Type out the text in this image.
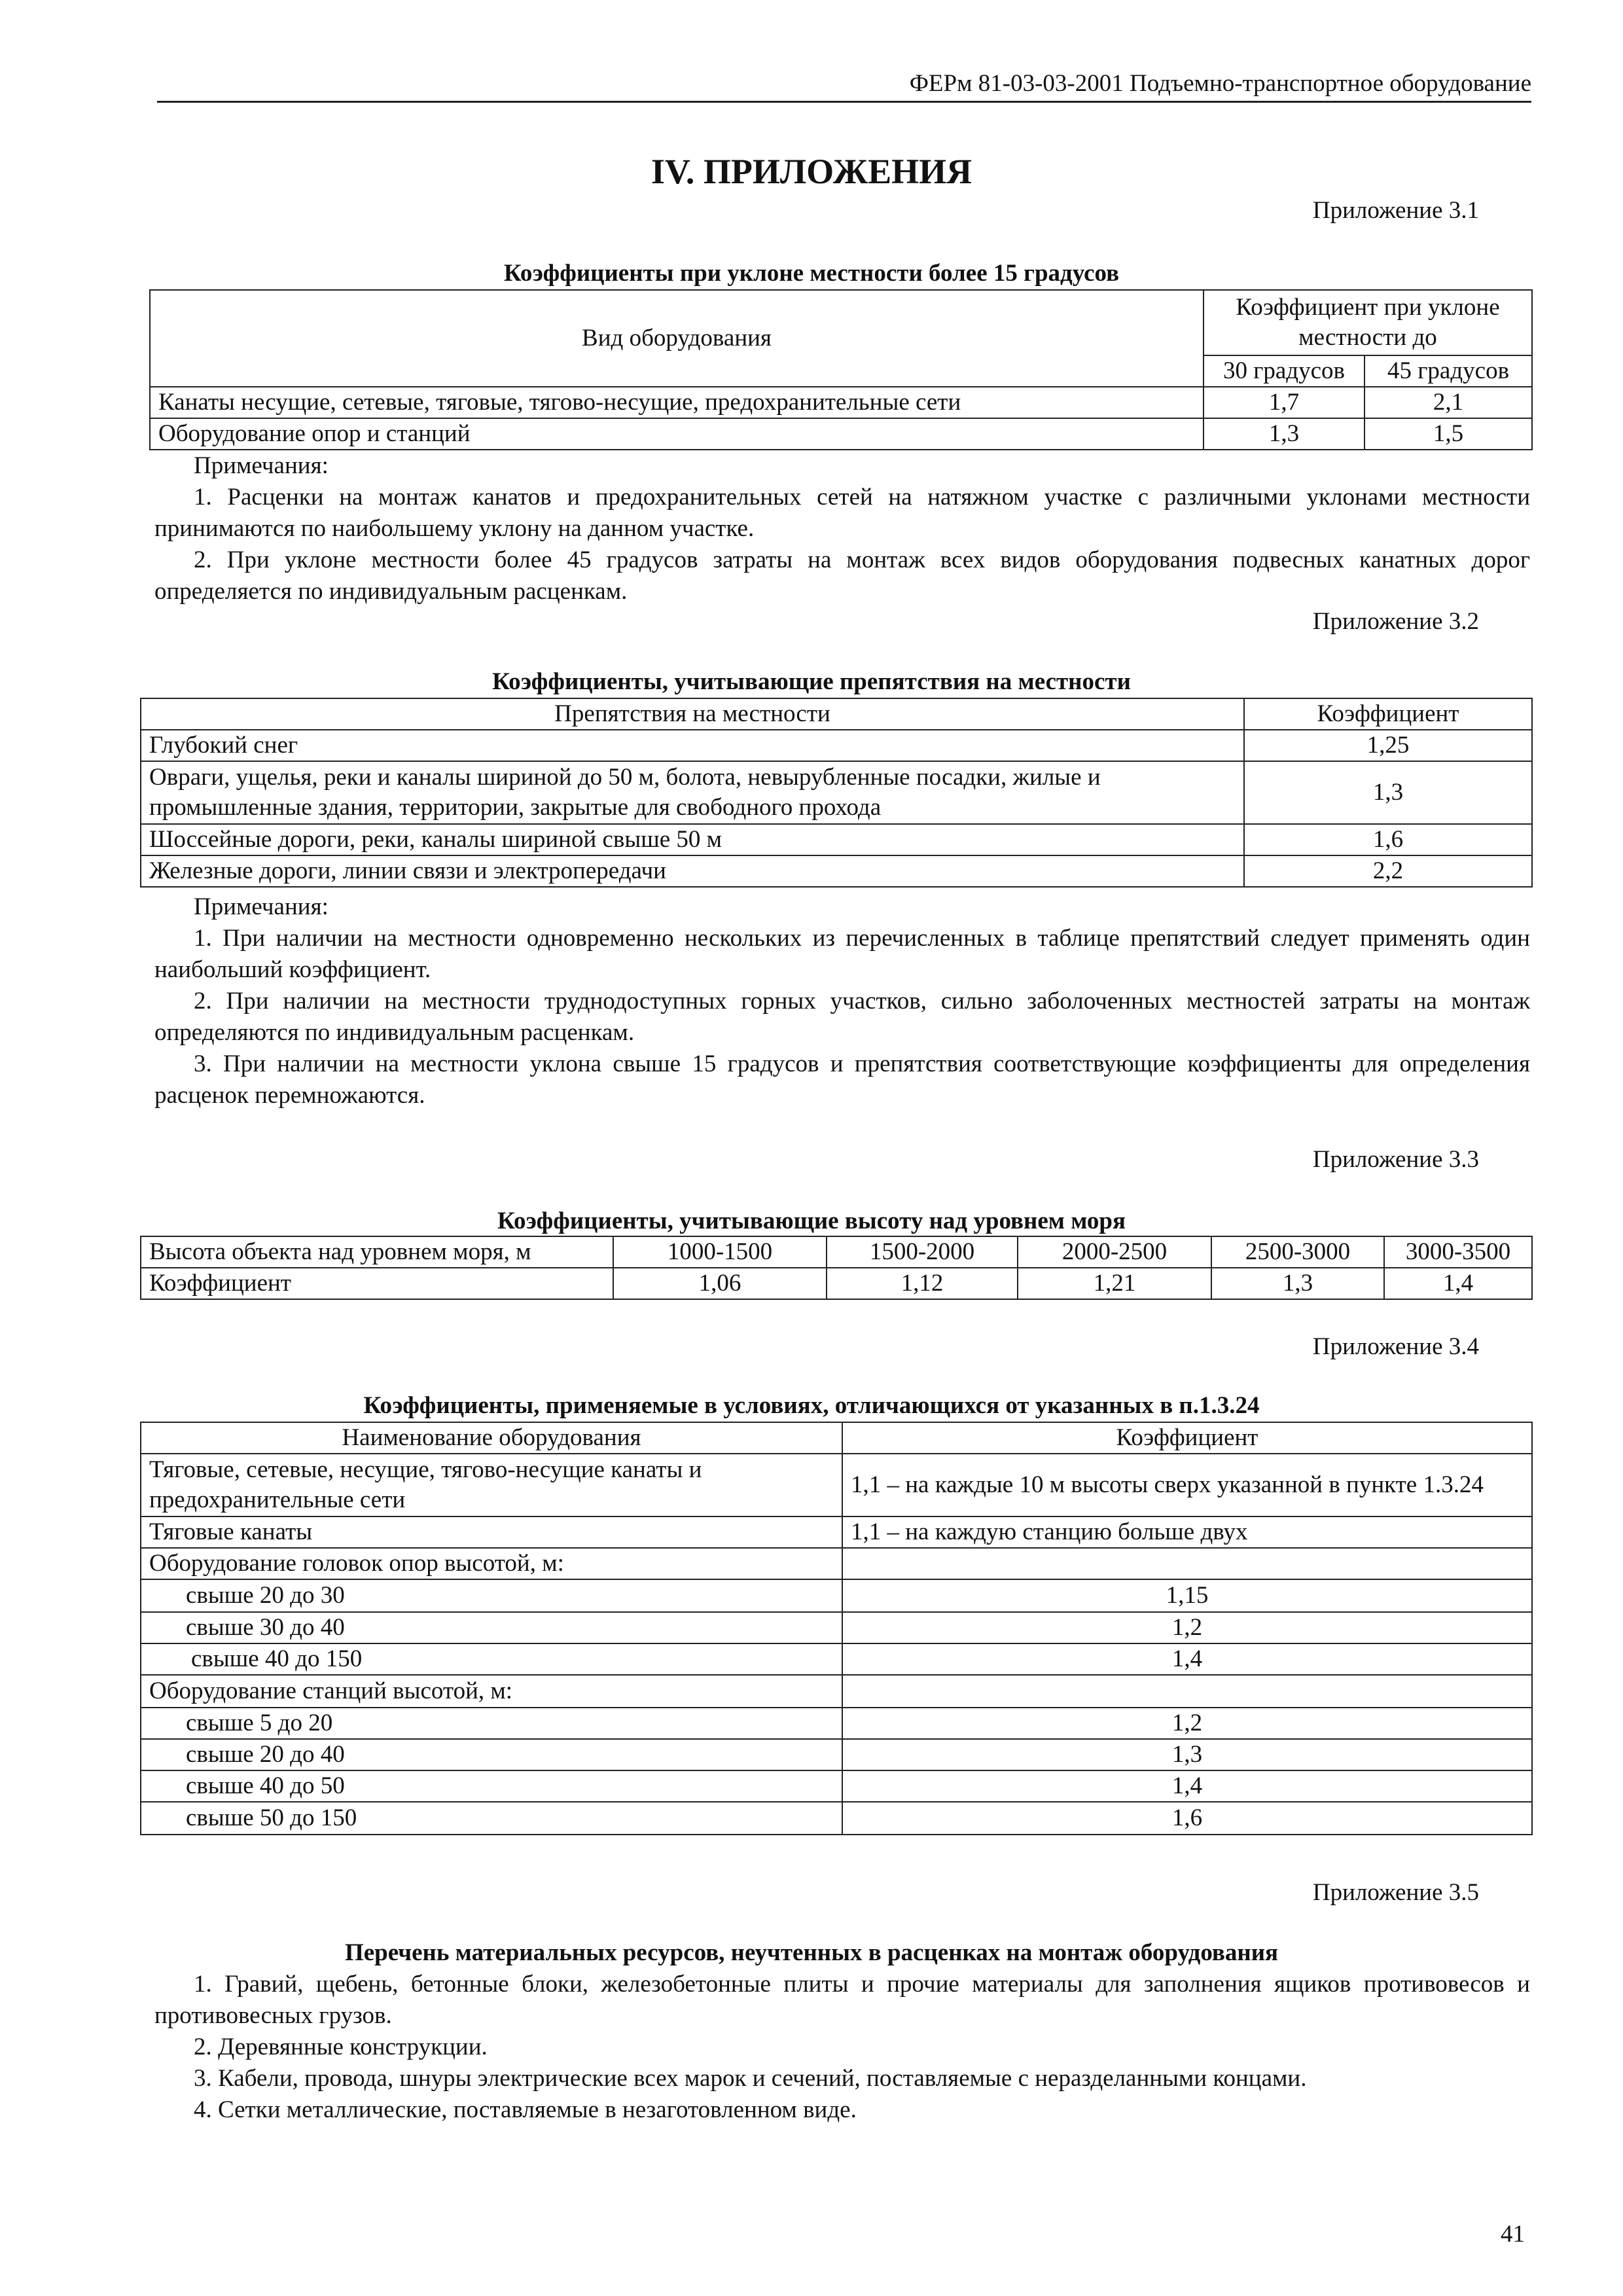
ФЕРм 81-03-03-2001 Подъемно-транспортное оборудование
IV. ПРИЛОЖЕНИЯ
Приложение 3.1
Коэффициенты при уклоне местности более 15 градусов
Вид оборудования	Коэффициент при уклоне местности до	
	30 градусов	45 градусов
Канаты несущие, сетевые, тяговые, тягово-несущие, предохранительные сети	1,7	2,1
Оборудование опор и станций	1,3	1,5
Примечания:
1. Расценки на монтаж канатов и предохранительных сетей на натяжном участке с различными уклонами местности принимаются по наибольшему уклону на данном участке.
2. При уклоне местности более 45 градусов затраты на монтаж всех видов оборудования подвесных канатных дорог определяется по индивидуальным расценкам.
Приложение 3.2
Коэффициенты, учитывающие препятствия на местности
Препятствия на местности	Коэффициент
Глубокий снег	1,25
Овраги, ущелья, реки и каналы шириной до 50 м, болота, невырубленные посадки, жилые и промышленные здания, территории, закрытые для свободного прохода	1,3
Шоссейные дороги, реки, каналы шириной свыше 50 м	1,6
Железные дороги, линии связи и электропередачи	2,2
Примечания:
1. При наличии на местности одновременно нескольких из перечисленных в таблице препятствий следует применять один наибольший коэффициент.
2. При наличии на местности труднодоступных горных участков, сильно заболоченных местностей затраты на монтаж определяются по индивидуальным расценкам.
3. При наличии на местности уклона свыше 15 градусов и препятствия соответствующие коэффициенты для определения расценок перемножаются.
Приложение 3.3
Коэффициенты, учитывающие высоту над уровнем моря
Высота объекта над уровнем моря, м	1000-1500	1500-2000	2000-2500	2500-3000	3000-3500
Коэффициент	1,06	1,12	1,21	1,3	1,4
Приложение 3.4
Коэффициенты, применяемые в условиях, отличающихся от указанных в п.1.3.24
Наименование оборудования	Коэффициент
Тяговые, сетевые, несущие, тягово-несущие канаты и предохранительные сети	1,1 – на каждые 10 м высоты сверх указанной в пункте 1.3.24
Тяговые канаты	1,1 – на каждую станцию больше двух
Оборудование головок опор высотой, м:	
свыше 20 до 30	1,15
свыше 30 до 40	1,2
свыше 40 до 150	1,4
Оборудование станций высотой, м:	
свыше 5 до 20	1,2
свыше 20 до 40	1,3
свыше 40 до 50	1,4
свыше 50 до 150	1,6
Приложение 3.5
Перечень материальных ресурсов, неучтенных в расценках на монтаж оборудования
1. Гравий, щебень, бетонные блоки, железобетонные плиты и прочие материалы для заполнения ящиков противовесов и противовесных грузов.
2. Деревянные конструкции.
3. Кабели, провода, шнуры электрические всех марок и сечений, поставляемые с неразделанными концами.
4. Сетки металлические, поставляемые в незаготовленном виде.
41
